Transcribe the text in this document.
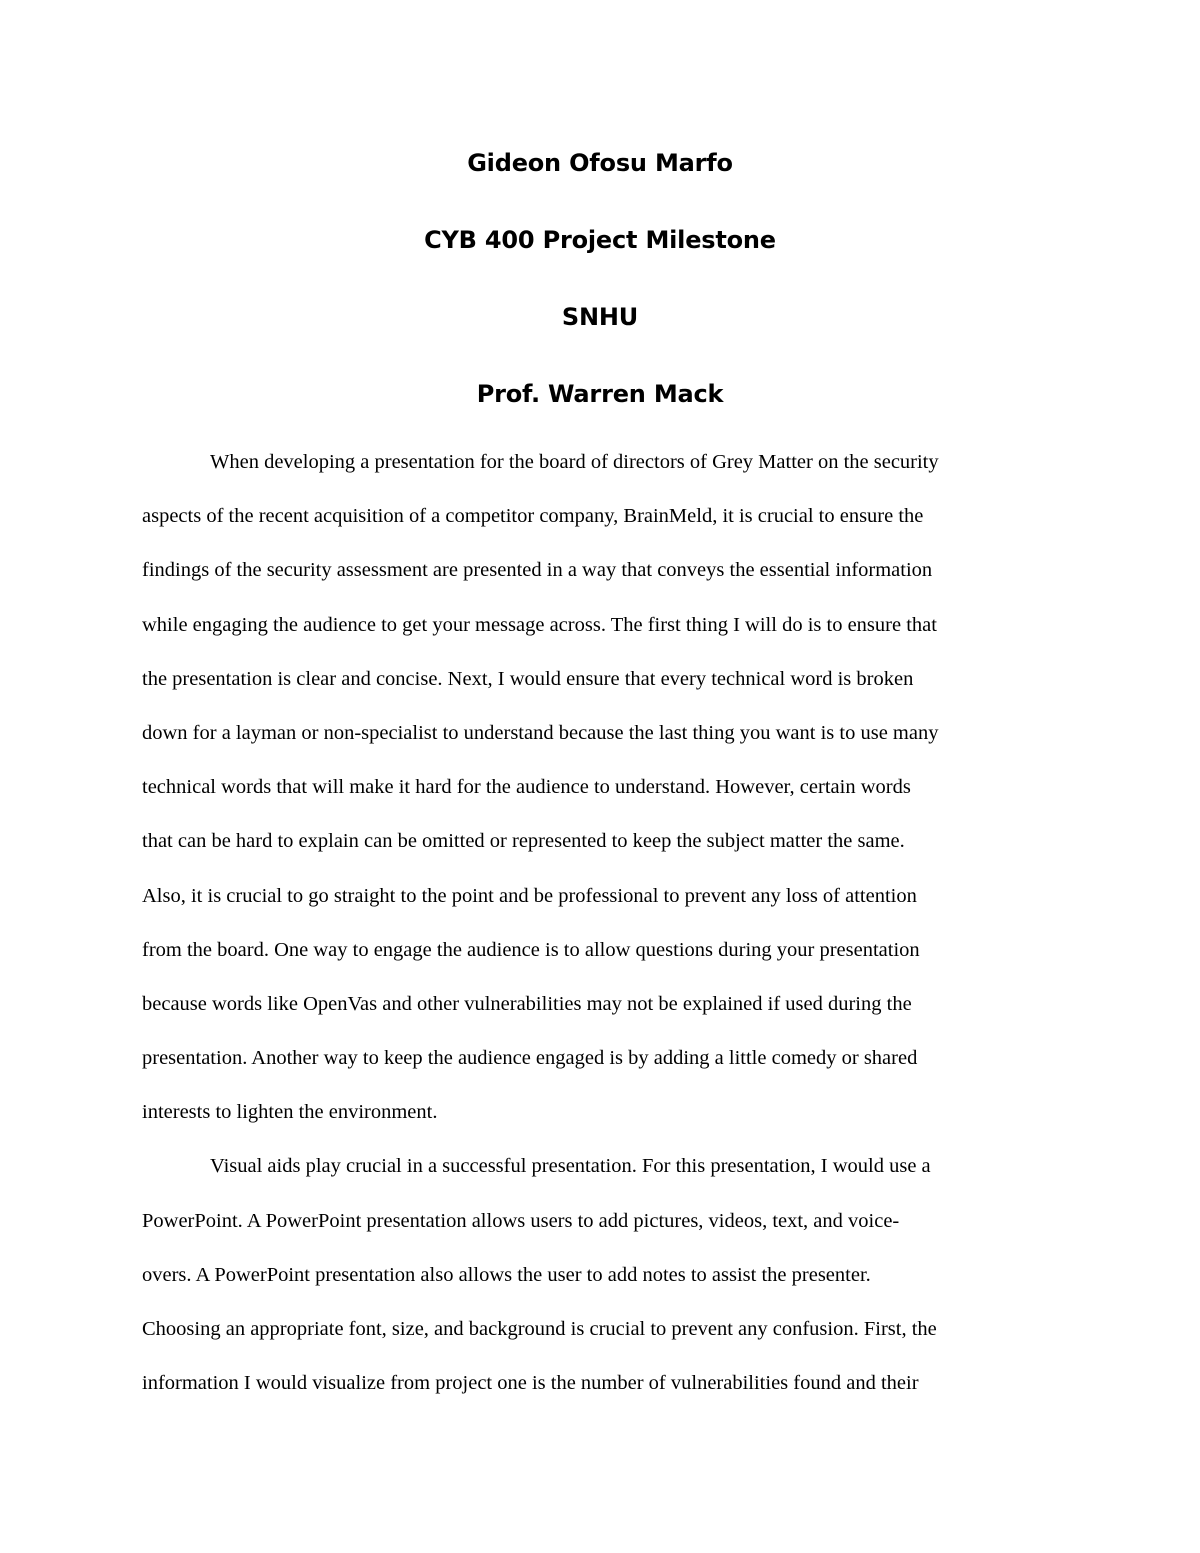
Gideon Ofosu Marfo
CYB 400 Project Milestone
SNHU
Prof. Warren Mack
When developing a presentation for the board of directors of Grey Matter on the security
aspects of the recent acquisition of a competitor company, BrainMeld, it is crucial to ensure the
findings of the security assessment are presented in a way that conveys the essential information
while engaging the audience to get your message across. The first thing I will do is to ensure that
the presentation is clear and concise. Next, I would ensure that every technical word is broken
down for a layman or non-specialist to understand because the last thing you want is to use many
technical words that will make it hard for the audience to understand. However, certain words
that can be hard to explain can be omitted or represented to keep the subject matter the same.
Also, it is crucial to go straight to the point and be professional to prevent any loss of attention
from the board. One way to engage the audience is to allow questions during your presentation
because words like OpenVas and other vulnerabilities may not be explained if used during the
presentation. Another way to keep the audience engaged is by adding a little comedy or shared
interests to lighten the environment.
Visual aids play crucial in a successful presentation. For this presentation, I would use a
PowerPoint. A PowerPoint presentation allows users to add pictures, videos, text, and voice-
overs. A PowerPoint presentation also allows the user to add notes to assist the presenter.
Choosing an appropriate font, size, and background is crucial to prevent any confusion. First, the
information I would visualize from project one is the number of vulnerabilities found and their
